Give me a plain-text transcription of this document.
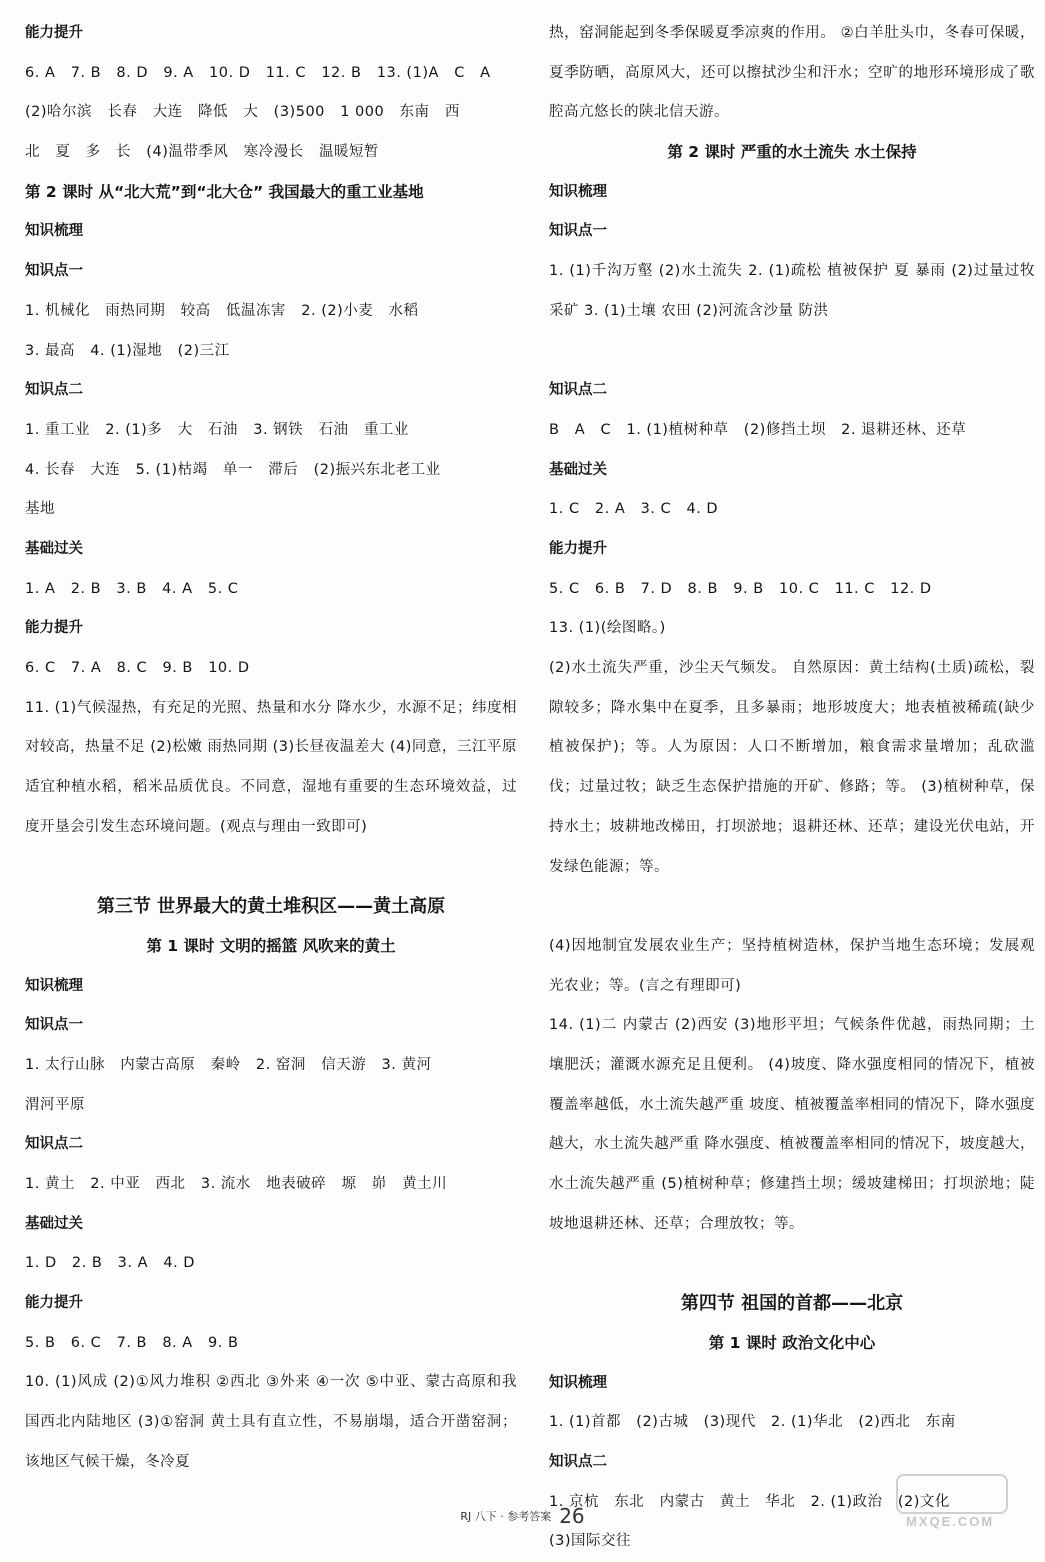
能力提升
6. A   7. B   8. D   9. A   10. D   11. C   12. B   13. (1)A   C   A
(2)哈尔滨   长春   大连   降低   大   (3)500   1 000   东南   西
北   夏   多   长   (4)温带季风   寒冷漫长   温暖短暂
第 2 课时 从“北大荒”到“北大仓” 我国最大的重工业基地
知识梳理
知识点一
1. 机械化   雨热同期   较高   低温冻害   2. (2)小麦   水稻
3. 最高   4. (1)湿地   (2)三江
知识点二
1. 重工业   2. (1)多   大   石油   3. 钢铁   石油   重工业
4. 长春   大连   5. (1)枯竭   单一   滞后   (2)振兴东北老工业
基地
基础过关
1. A   2. B   3. B   4. A   5. C
能力提升
6. C   7. A   8. C   9. B   10. D
11. (1)气候湿热，有充足的光照、热量和水分 降水少，水源不足；纬度相对较高，热量不足 (2)松嫩 雨热同期 (3)长昼夜温差大 (4)同意，三江平原适宜种植水稻，稻米品质优良。不同意，湿地有重要的生态环境效益，过度开垦会引发生态环境问题。(观点与理由一致即可)
第三节 世界最大的黄土堆积区——黄土高原
第 1 课时 文明的摇篮 风吹来的黄土
知识梳理
知识点一
1. 太行山脉   内蒙古高原   秦岭   2. 窑洞   信天游   3. 黄河
渭河平原
知识点二
1. 黄土   2. 中亚   西北   3. 流水   地表破碎   塬   峁   黄土川
基础过关
1. D   2. B   3. A   4. D
能力提升
5. B   6. C   7. B   8. A   9. B
10. (1)风成 (2)①风力堆积 ②西北 ③外来 ④一次 ⑤中亚、蒙古高原和我国西北内陆地区 (3)①窑洞 黄土具有直立性，不易崩塌，适合开凿窑洞；该地区气候干燥，冬冷夏
热，窑洞能起到冬季保暖夏季凉爽的作用。 ②白羊肚头巾，冬春可保暖，夏季防晒，高原风大，还可以擦拭沙尘和汗水；空旷的地形环境形成了歌腔高亢悠长的陕北信天游。
第 2 课时 严重的水土流失 水土保持
知识梳理
知识点一
1. (1)千沟万壑 (2)水土流失 2. (1)疏松 植被保护 夏 暴雨 (2)过量过牧 采矿 3. (1)土壤 农田 (2)河流含沙量 防洪
知识点二
B   A   C   1. (1)植树种草   (2)修挡土坝   2. 退耕还林、还草
基础过关
1. C   2. A   3. C   4. D
能力提升
5. C   6. B   7. D   8. B   9. B   10. C   11. C   12. D
13. (1)(绘图略。)
(2)水土流失严重，沙尘天气频发。 自然原因：黄土结构(土质)疏松，裂隙较多；降水集中在夏季，且多暴雨；地形坡度大；地表植被稀疏(缺少植被保护)；等。人为原因：人口不断增加，粮食需求量增加；乱砍滥伐；过量过牧；缺乏生态保护措施的开矿、修路；等。 (3)植树种草，保持水土；坡耕地改梯田，打坝淤地；退耕还林、还草；建设光伏电站，开发绿色能源；等。
(4)因地制宜发展农业生产；坚持植树造林，保护当地生态环境；发展观光农业；等。(言之有理即可)
14. (1)二 内蒙古 (2)西安 (3)地形平坦；气候条件优越，雨热同期；土壤肥沃；灌溉水源充足且便利。 (4)坡度、降水强度相同的情况下，植被覆盖率越低，水土流失越严重 坡度、植被覆盖率相同的情况下，降水强度越大，水土流失越严重 降水强度、植被覆盖率相同的情况下，坡度越大，水土流失越严重 (5)植树种草；修建挡土坝；缓坡建梯田；打坝淤地；陡坡地退耕还林、还草；合理放牧；等。
第四节 祖国的首都——北京
第 1 课时 政治文化中心
知识梳理
1. (1)首都   (2)古城   (3)现代   2. (1)华北   (2)西北   东南
知识点二
1. 京杭   东北   内蒙古   黄土   华北   2. (1)政治   (2)文化
(3)国际交往
RJ 八下 · 参考答案 26	MXQE.COM
